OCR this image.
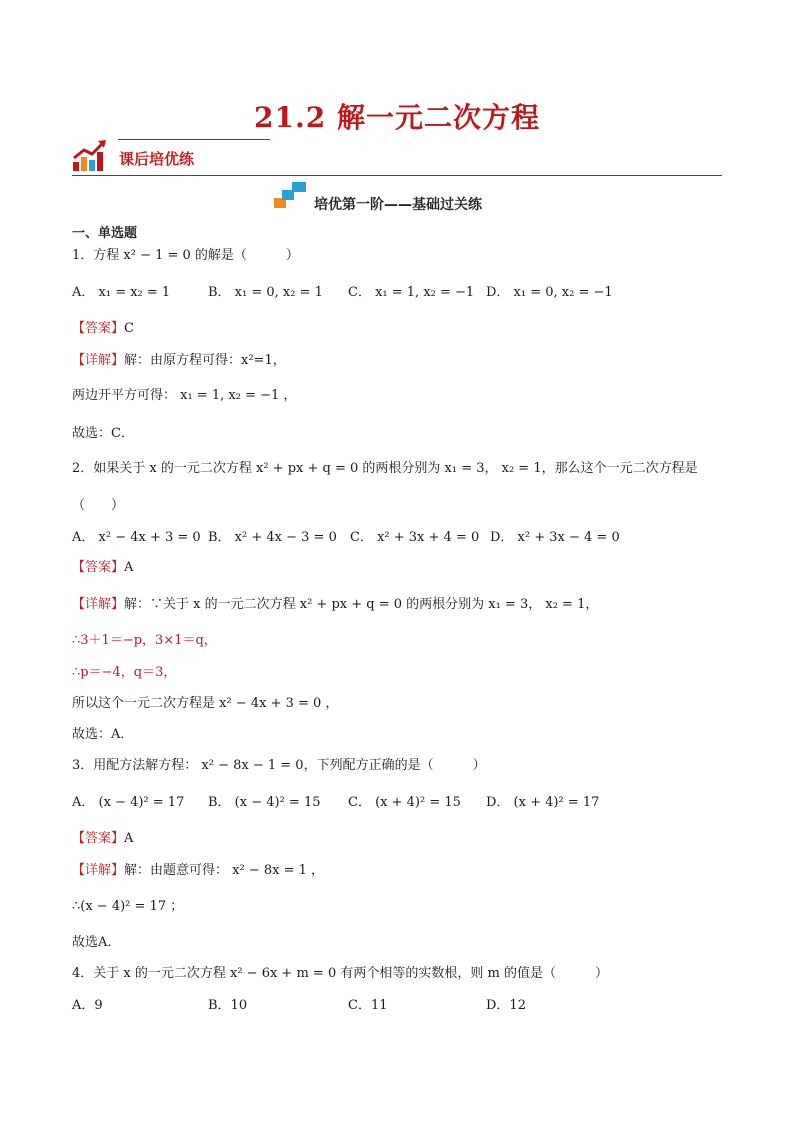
21.2 解一元二次方程
课后培优练
培优第一阶——基础过关练
一、单选题
1．方程 x² − 1 = 0 的解是（　　　）
A． x₁ = x₂ = 1	B． x₁ = 0, x₂ = 1 C． x₁ = 1, x₂ = −1 D． x₁ = 0, x₂ = −1
【答案】C
【详解】解：由原方程可得：x²=1，
两边开平方可得： x₁ = 1, x₂ = −1 ，
故选：C．
2．如果关于 x 的一元二次方程 x² + px + q = 0 的两根分别为 x₁ = 3， x₂ = 1，那么这个一元二次方程是
（　　）
A． x² − 4x + 3 = 0 B． x² + 4x − 3 = 0 C． x² + 3x + 4 = 0 D． x² + 3x − 4 = 0
【答案】A
【详解】解：∵关于 x 的一元二次方程 x² + px + q = 0 的两根分别为 x₁ = 3， x₂ = 1，
∴3＋1＝−p，3×1＝q，
∴p＝−4，q＝3，
所以这个一元二次方程是 x² − 4x + 3 = 0 ，
故选：A．
3．用配方法解方程： x² − 8x − 1 = 0，下列配方正确的是（　　　）
A． (x − 4)² = 17 B． (x − 4)² = 15 C． (x + 4)² = 15 D． (x + 4)² = 17
【答案】A
【详解】解：由题意可得： x² − 8x = 1 ，
∴(x − 4)² = 17 ；
故选A．
4．关于 x 的一元二次方程 x² − 6x + m = 0 有两个相等的实数根，则 m 的值是（　　　）
A．9	B．10	C．11	D．12
